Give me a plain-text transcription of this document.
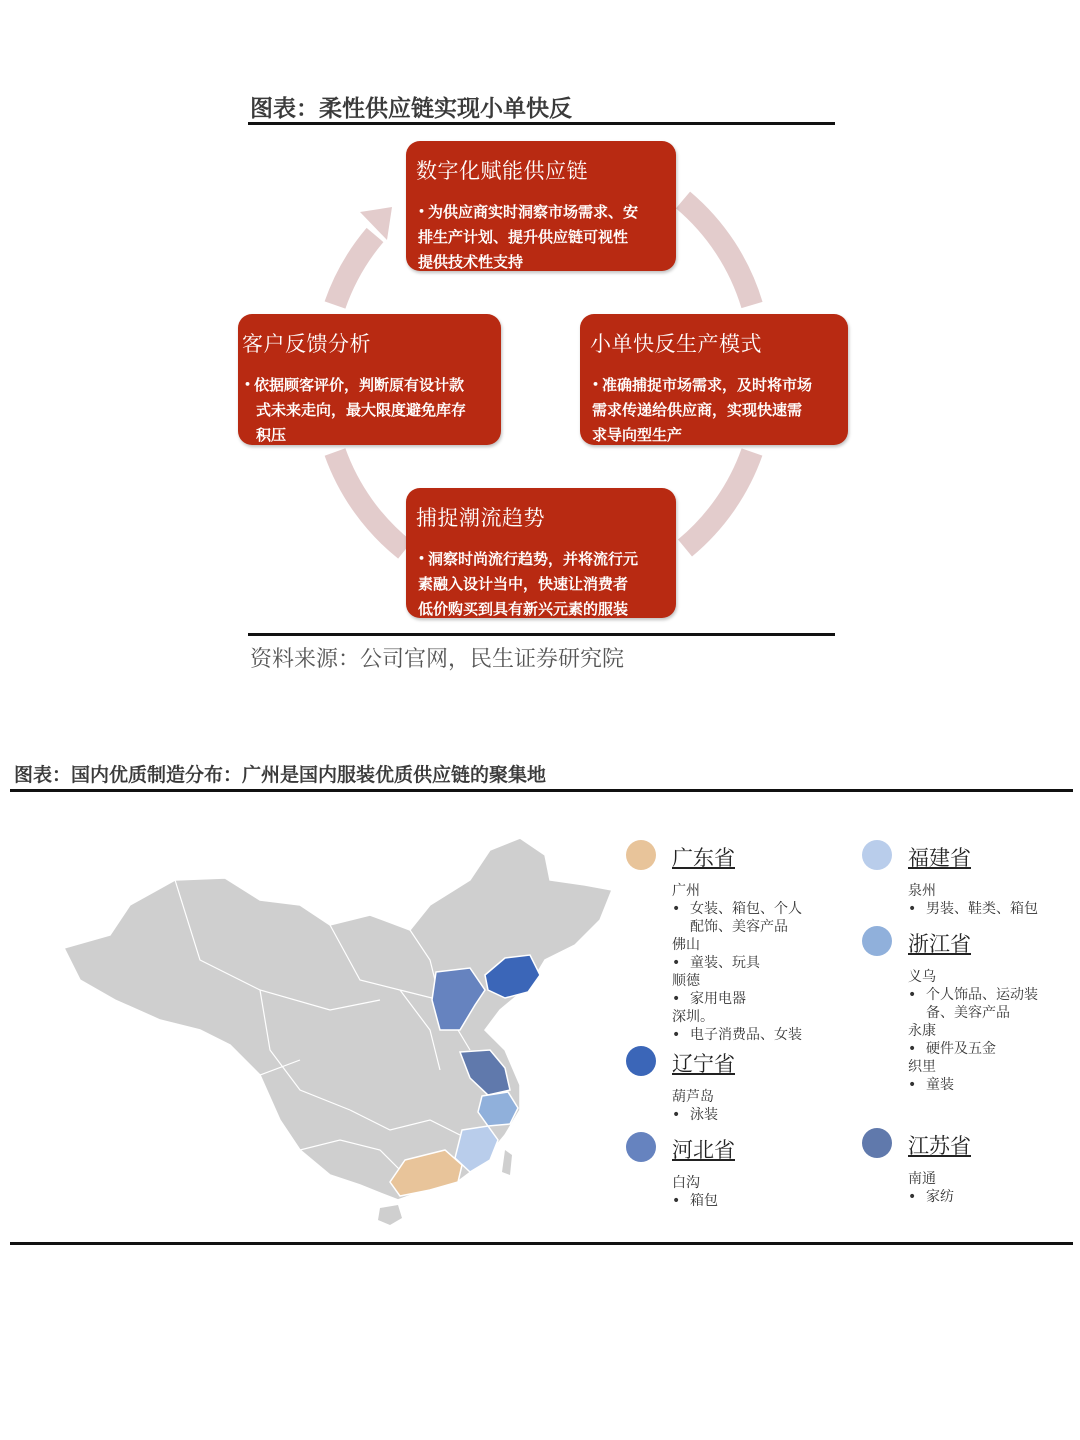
图表：柔性供应链实现小单快反
数字化赋能供应链
• 为供应商实时洞察市场需求、安
排生产计划、提升供应链可视性
提供技术性支持
小单快反生产模式
• 准确捕捉市场需求，及时将市场
需求传递给供应商，实现快速需
求导向型生产
捕捉潮流趋势
• 洞察时尚流行趋势，并将流行元
素融入设计当中，快速让消费者
低价购买到具有新兴元素的服装
客户反馈分析
• 依据顾客评价，判断原有设计款
式未来走向，最大限度避免库存
积压
资料来源：公司官网，民生证券研究院
图表：国内优质制造分布：广州是国内服装优质供应链的聚集地
广东省
广州
• 女装、箱包、个人
配饰、美容产品
佛山
• 童装、玩具
顺德
• 家用电器
深圳。
• 电子消费品、女装
辽宁省
葫芦岛
• 泳装
河北省
白沟
• 箱包
福建省
泉州
• 男装、鞋类、箱包
浙江省
义乌
• 个人饰品、运动装
备、美容产品
永康
• 硬件及五金
织里
• 童装
江苏省
南通
• 家纺
